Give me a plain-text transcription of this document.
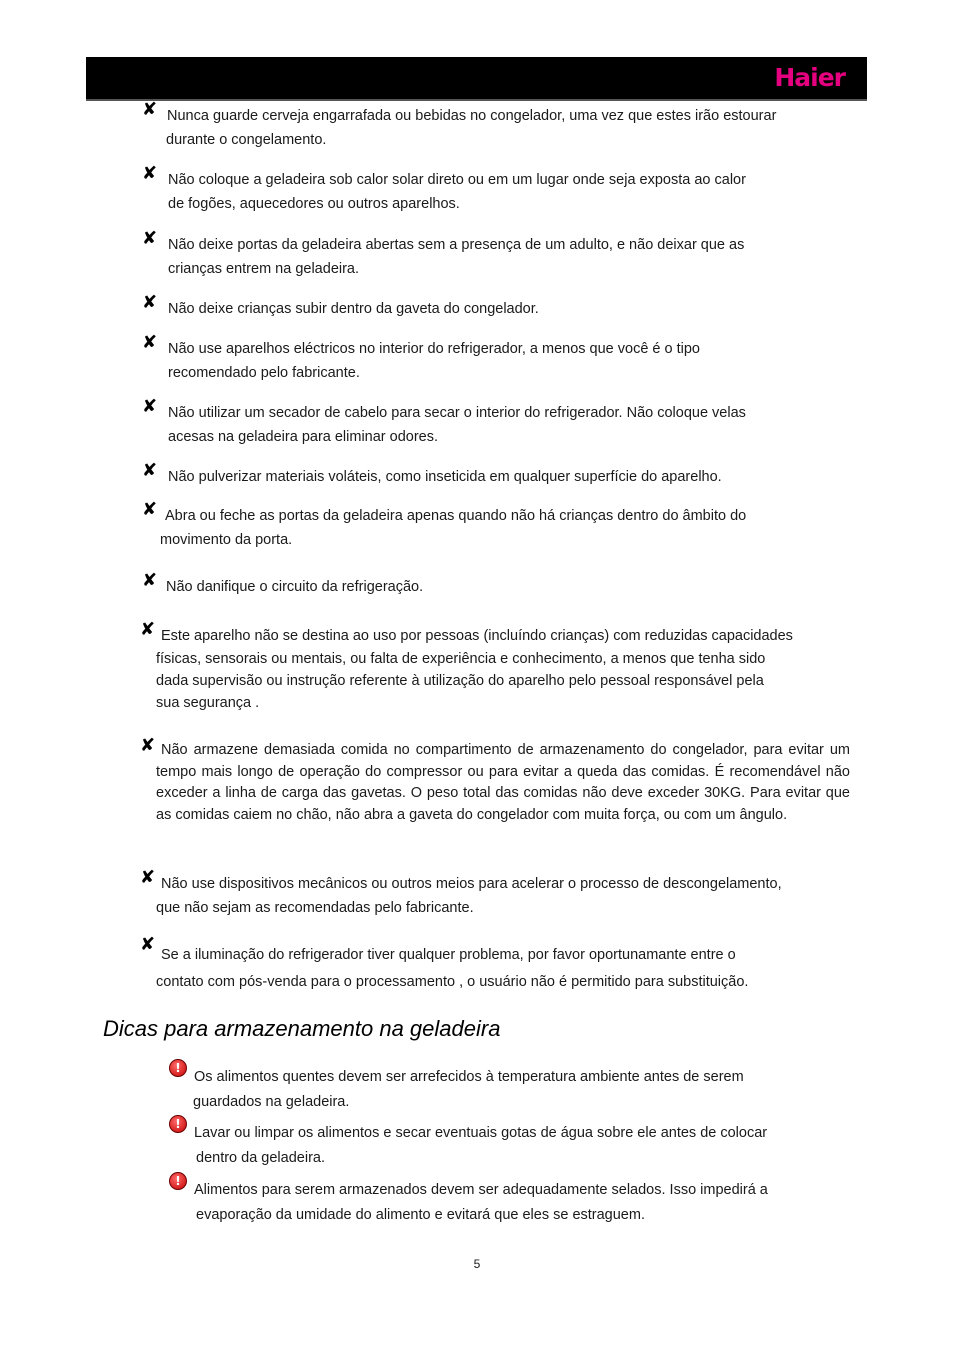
Haier
✘ Nunca guarde cerveja engarrafada ou bebidas no congelador, uma vez que estes irão estourar
durante o congelamento.
✘ Não coloque a geladeira sob calor solar direto ou em um lugar onde seja exposta ao calor
de fogões, aquecedores ou outros aparelhos.
✘ Não deixe portas da geladeira abertas sem a presença de um adulto, e não deixar que as
crianças entrem na geladeira.
✘ Não deixe crianças subir dentro da gaveta do congelador.
✘ Não use aparelhos eléctricos no interior do refrigerador, a menos que você é o tipo
recomendado pelo fabricante.
✘ Não utilizar um secador de cabelo para secar o interior do refrigerador. Não coloque velas
acesas na geladeira para eliminar odores.
✘ Não pulverizar materiais voláteis, como inseticida em qualquer superfície do aparelho.
✘ Abra ou feche as portas da geladeira apenas quando não há crianças dentro do âmbito do
movimento da porta.
✘ Não danifique o circuito da refrigeração.
✘ Este aparelho não se destina ao uso por pessoas (incluíndo crianças) com reduzidas capacidades
físicas, sensorais ou mentais, ou falta de experiência e conhecimento, a menos que tenha sido
dada supervisão ou instrução referente à utilização do aparelho pelo pessoal responsável pela
sua segurança .
✘ Não armazene demasiada comida no compartimento de armazenamento do congelador, para evitar um tempo mais longo de operação do compressor ou para evitar a queda das comidas. É recomendável não exceder a linha de carga das gavetas. O peso total das comidas não deve exceder 30KG. Para evitar que as comidas caiem no chão, não abra a gaveta do congelador com muita força, ou com um ângulo.
✘ Não use dispositivos mecânicos ou outros meios para acelerar o processo de descongelamento,
que não sejam as recomendadas pelo fabricante.
✘ Se a iluminação do refrigerador tiver qualquer problema, por favor oportunamante entre o
contato com pós-venda para o processamento , o usuário não é permitido para substituição.
Dicas para armazenamento na geladeira
!
Os alimentos quentes devem ser arrefecidos à temperatura ambiente antes de serem
guardados na geladeira.
!
Lavar ou limpar os alimentos e secar eventuais gotas de água sobre ele antes de colocar
dentro da geladeira.
!
Alimentos para serem armazenados devem ser adequadamente selados. Isso impedirá a
evaporação da umidade do alimento e evitará que eles se estraguem.
5
